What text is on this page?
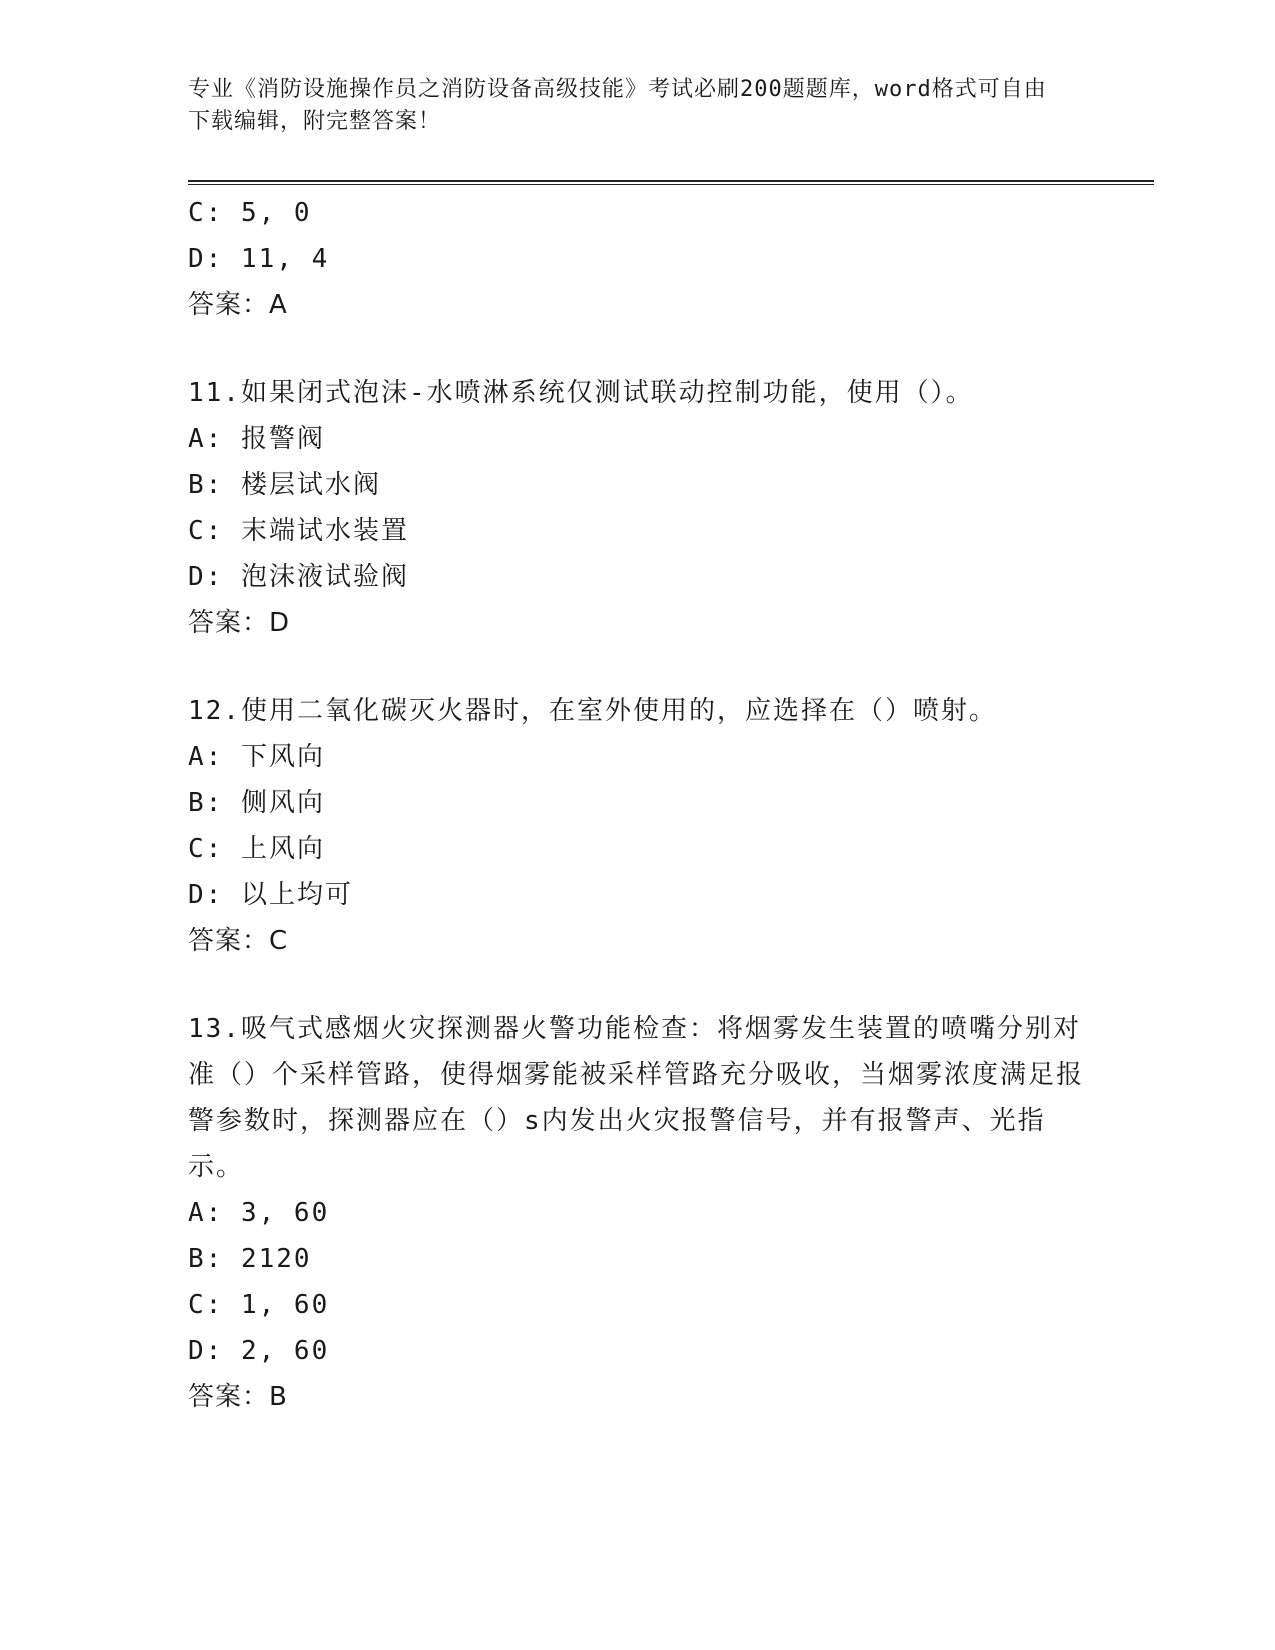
专业《消防设施操作员之消防设备高级技能》考试必刷200题题库，word格式可自由下载编辑，附完整答案！
C: 5, 0
D: 11, 4
答案：A
11.如果闭式泡沫-水喷淋系统仅测试联动控制功能，使用（）。
A: 报警阀
B: 楼层试水阀
C: 末端试水装置
D: 泡沫液试验阀
答案：D
12.使用二氧化碳灭火器时，在室外使用的，应选择在（）喷射。
A: 下风向
B: 侧风向
C: 上风向
D: 以上均可
答案：C
13.吸气式感烟火灾探测器火警功能检查：将烟雾发生装置的喷嘴分别对准（）个采样管路，使得烟雾能被采样管路充分吸收，当烟雾浓度满足报警参数时，探测器应在（）s内发出火灾报警信号，并有报警声、光指示。
A: 3, 60
B: 2120
C: 1, 60
D: 2, 60
答案：B
